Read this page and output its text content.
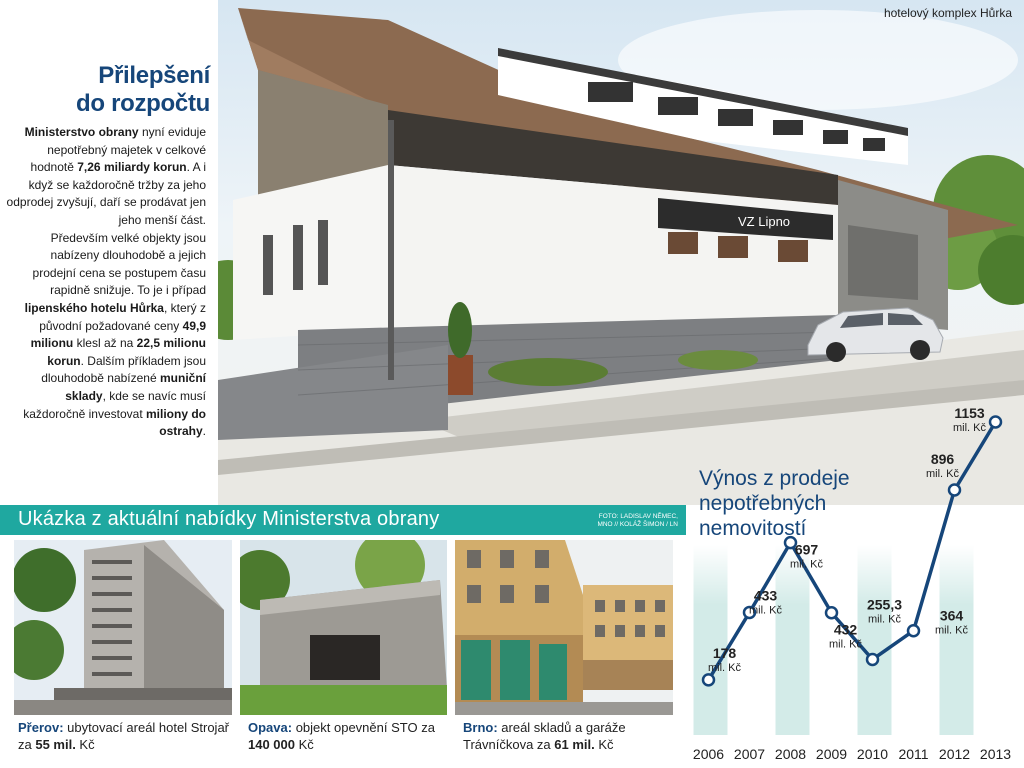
VZ Lipno
hotelový komplex Hůrka
Přilepšení
do rozpočtu

Ministerstvo obrany nyní eviduje nepotřebný majetek v celkové hodnotě 7,26 miliardy korun. A i když se každoročně tržby za jeho odprodej zvyšují, daří se prodávat jen jeho menší část.

Především velké objekty jsou nabízeny dlouhodobě a jejich prodejní cena se postupem času rapidně snižuje. To je i případ lipenského hotelu Hůrka, který z původní požadované ceny 49,9 milionu klesl až na 22,5 milionu korun. Dalším příkladem jsou dlouhodobě nabízené muniční sklady, kde se navíc musí každoročně investovat miliony do ostrahy.

Ukázka z aktuální nabídky Ministerstva obrany	FOTO: LADISLAV NĚMEC,
MNO // KOLÁŽ ŠIMON / LN
Přerov: ubytovací areál hotel Strojař za 55 mil. Kč
Opava: objekt opevnění STO za 140 000 Kč
Brno: areál skladů a garáže Trávníčkova za 61 mil. Kč
178
mil. Kč
433
mil. Kč
697
mil. Kč
432
mil. Kč
255,3
mil. Kč	364
mil. Kč
896
mil. Kč
1153
mil. Kč
2006 2007 2008 2009 2010 2011 2012 2013
Výnos z prodeje
nepotřebných
nemovitostí
